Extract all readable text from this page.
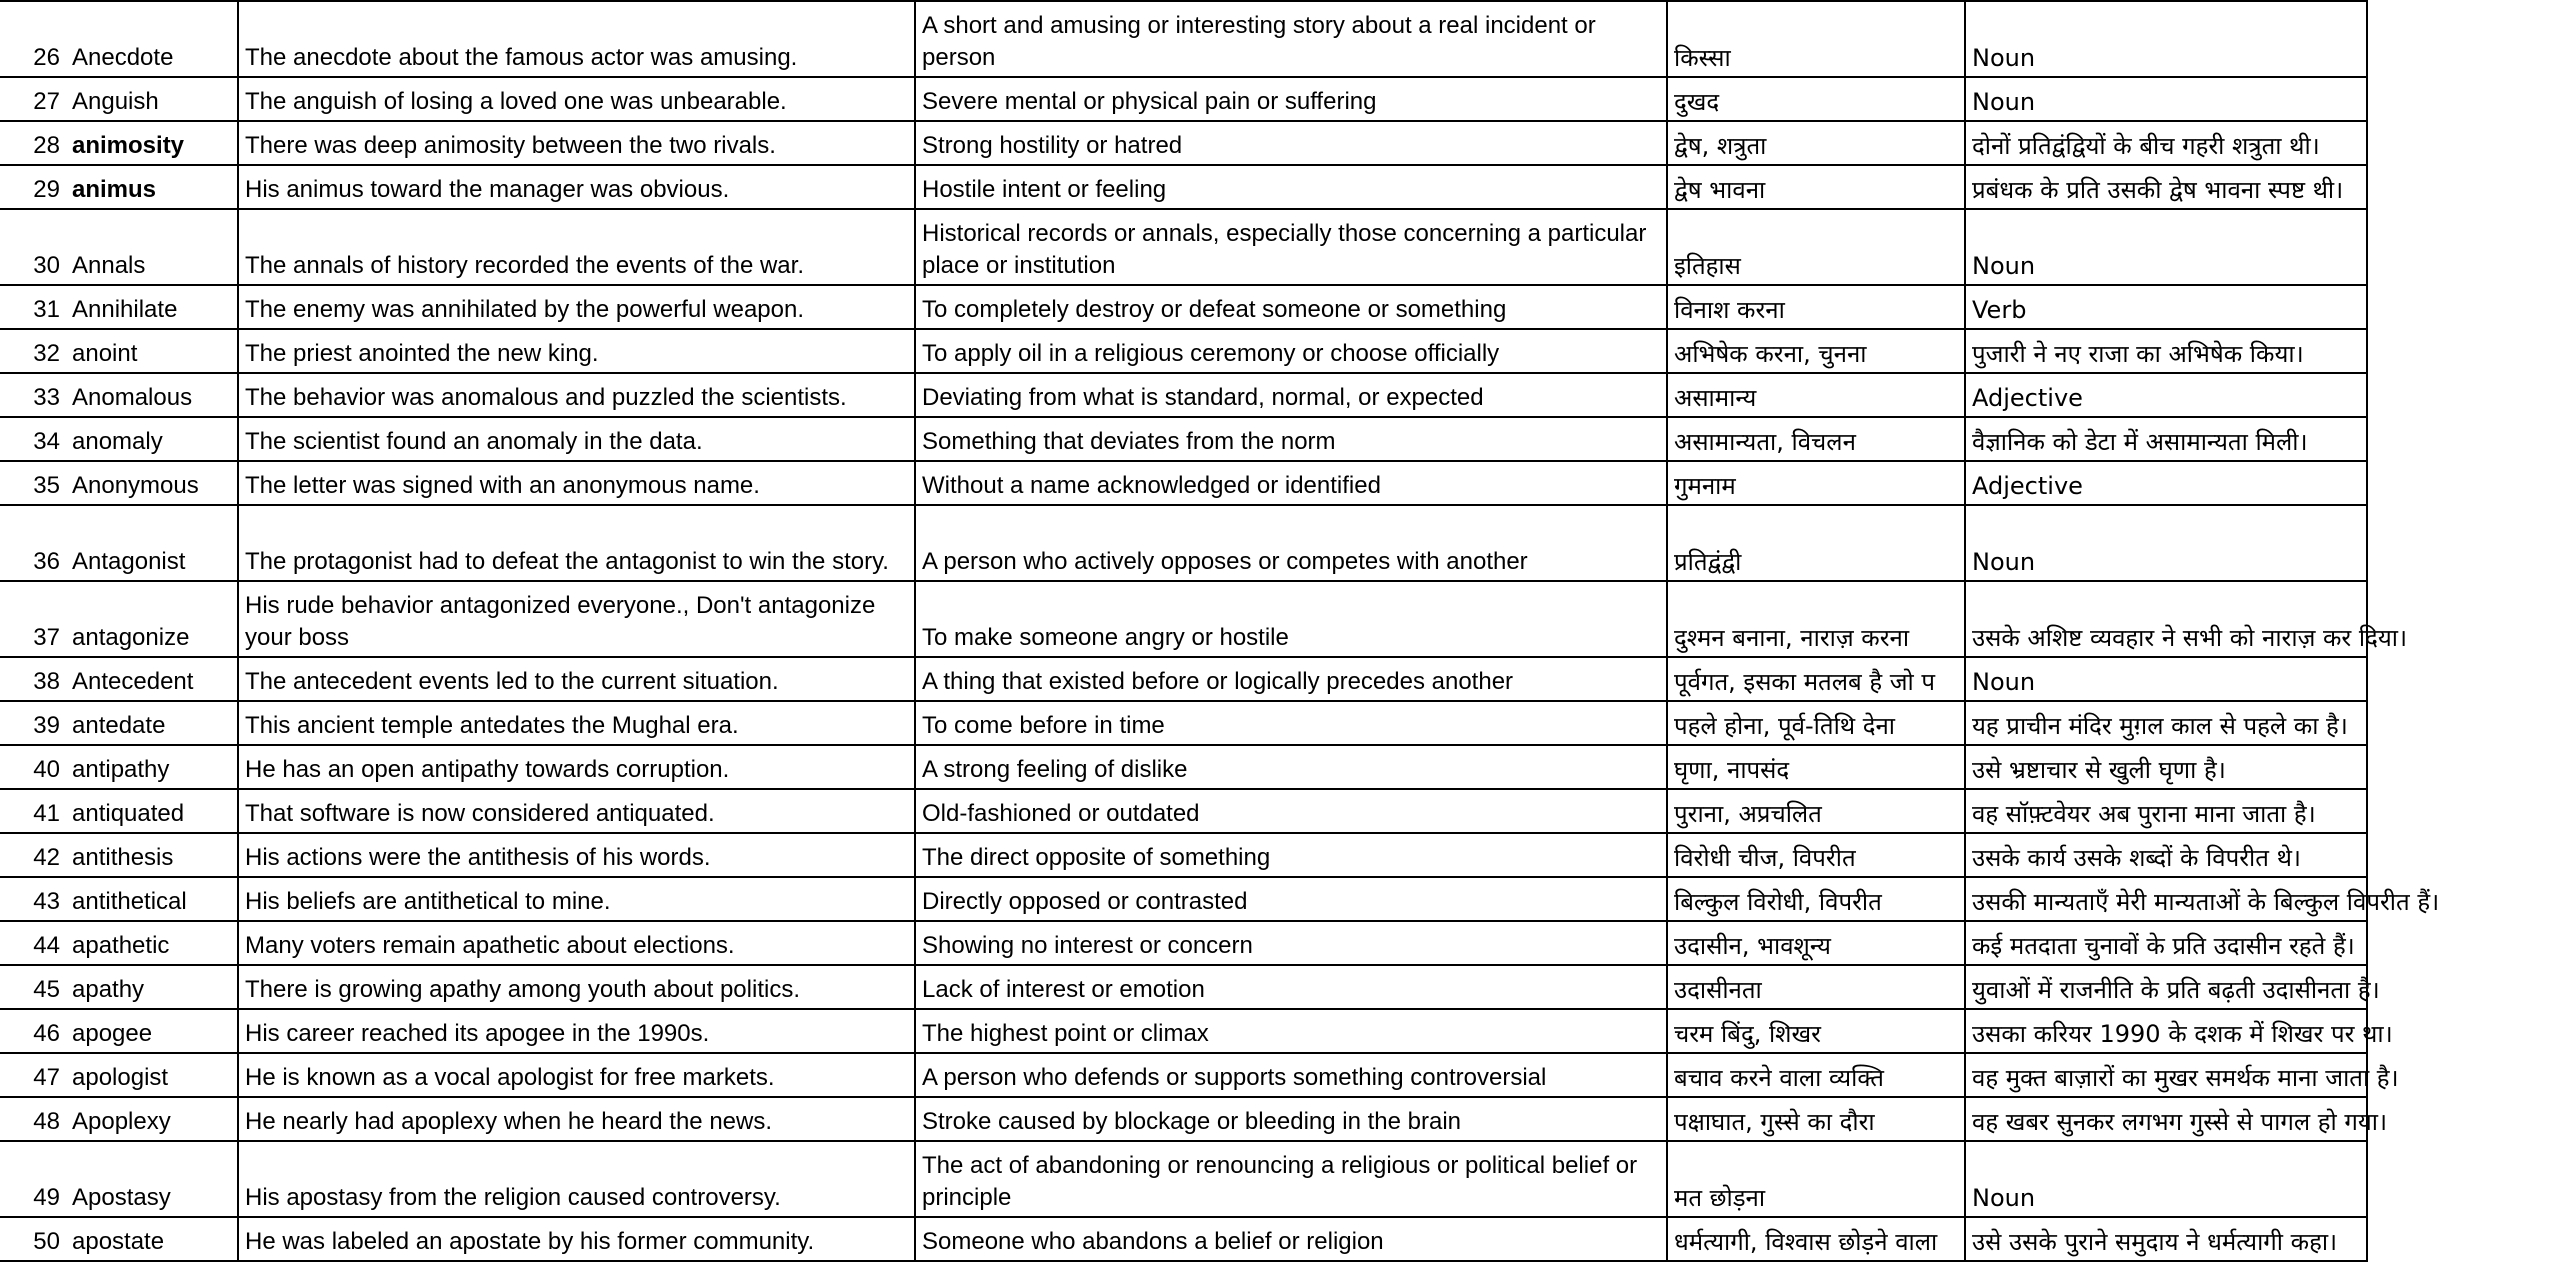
26	Anecdote	The anecdote about the famous actor was amusing.	A short and amusing or interesting story about a real incident or person	किस्सा	Noun
27	Anguish	The anguish of losing a loved one was unbearable.	Severe mental or physical pain or suffering	दुखद	Noun
28	animosity	There was deep animosity between the two rivals.	Strong hostility or hatred	द्वेष, शत्रुता	दोनों प्रतिद्वंद्वियों के बीच गहरी शत्रुता थी।
29	animus	His animus toward the manager was obvious.	Hostile intent or feeling	द्वेष भावना	प्रबंधक के प्रति उसकी द्वेष भावना स्पष्ट थी।
30	Annals	The annals of history recorded the events of the war.	Historical records or annals, especially those concerning a particular place or institution	इतिहास	Noun
31	Annihilate	The enemy was annihilated by the powerful weapon.	To completely destroy or defeat someone or something	विनाश करना	Verb
32	anoint	The priest anointed the new king.	To apply oil in a religious ceremony or choose officially	अभिषेक करना, चुनना	पुजारी ने नए राजा का अभिषेक किया।
33	Anomalous	The behavior was anomalous and puzzled the scientists.	Deviating from what is standard, normal, or expected	असामान्य	Adjective
34	anomaly	The scientist found an anomaly in the data.	Something that deviates from the norm	असामान्यता, विचलन	वैज्ञानिक को डेटा में असामान्यता मिली।
35	Anonymous	The letter was signed with an anonymous name.	Without a name acknowledged or identified	गुमनाम	Adjective
36	Antagonist	The protagonist had to defeat the antagonist to win the story.	A person who actively opposes or competes with another	प्रतिद्वंद्वी	Noun
37	antagonize	His rude behavior antagonized everyone., Don't antagonize your boss	To make someone angry or hostile	दुश्मन बनाना, नाराज़ करना	उसके अशिष्ट व्यवहार ने सभी को नाराज़ कर दिया।
38	Antecedent	The antecedent events led to the current situation.	A thing that existed before or logically precedes another	पूर्वगत, इसका मतलब है जो प	Noun
39	antedate	This ancient temple antedates the Mughal era.	To come before in time	पहले होना, पूर्व-तिथि देना	यह प्राचीन मंदिर मुग़ल काल से पहले का है।
40	antipathy	He has an open antipathy towards corruption.	A strong feeling of dislike	घृणा, नापसंद	उसे भ्रष्टाचार से खुली घृणा है।
41	antiquated	That software is now considered antiquated.	Old-fashioned or outdated	पुराना, अप्रचलित	वह सॉफ़्टवेयर अब पुराना माना जाता है।
42	antithesis	His actions were the antithesis of his words.	The direct opposite of something	विरोधी चीज, विपरीत	उसके कार्य उसके शब्दों के विपरीत थे।
43	antithetical	His beliefs are antithetical to mine.	Directly opposed or contrasted	बिल्कुल विरोधी, विपरीत	उसकी मान्यताएँ मेरी मान्यताओं के बिल्कुल विपरीत हैं।
44	apathetic	Many voters remain apathetic about elections.	Showing no interest or concern	उदासीन, भावशून्य	कई मतदाता चुनावों के प्रति उदासीन रहते हैं।
45	apathy	There is growing apathy among youth about politics.	Lack of interest or emotion	उदासीनता	युवाओं में राजनीति के प्रति बढ़ती उदासीनता है।
46	apogee	His career reached its apogee in the 1990s.	The highest point or climax	चरम बिंदु, शिखर	उसका करियर 1990 के दशक में शिखर पर था।
47	apologist	He is known as a vocal apologist for free markets.	A person who defends or supports something controversial	बचाव करने वाला व्यक्ति	वह मुक्त बाज़ारों का मुखर समर्थक माना जाता है।
48	Apoplexy	He nearly had apoplexy when he heard the news.	Stroke caused by blockage or bleeding in the brain	पक्षाघात, गुस्से का दौरा	वह खबर सुनकर लगभग गुस्से से पागल हो गया।
49	Apostasy	His apostasy from the religion caused controversy.	The act of abandoning or renouncing a religious or political belief or principle	मत छोड़ना	Noun
50	apostate	He was labeled an apostate by his former community.	Someone who abandons a belief or religion	धर्मत्यागी, विश्वास छोड़ने वाला	उसे उसके पुराने समुदाय ने धर्मत्यागी कहा।
